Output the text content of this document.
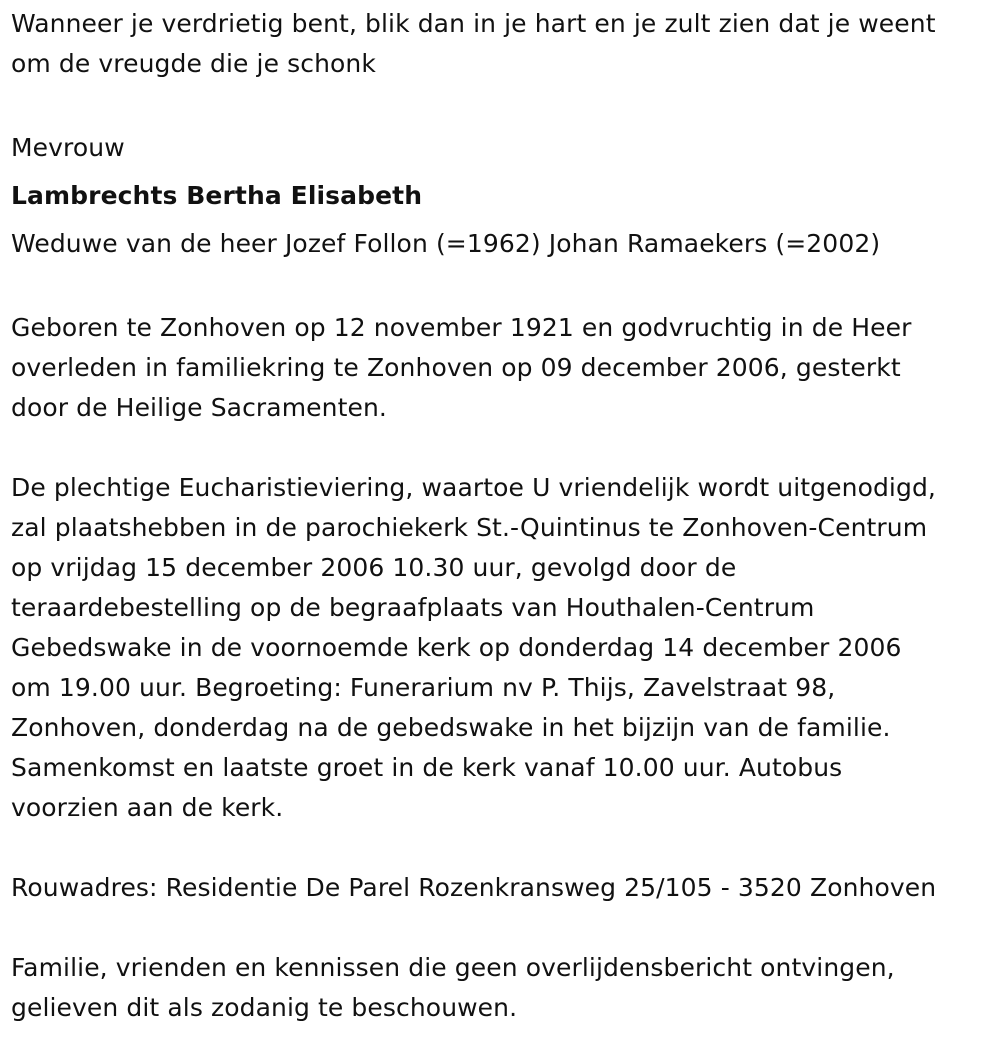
Wanneer je verdrietig bent, blik dan in je hart en je zult zien dat je weent
om de vreugde die je schonk
Mevrouw
Lambrechts Bertha Elisabeth
Weduwe van de heer Jozef Follon (=1962) Johan Ramaekers (=2002)
Geboren te Zonhoven op 12 november 1921 en godvruchtig in de Heer
overleden in familiekring te Zonhoven op 09 december 2006, gesterkt
door de Heilige Sacramenten.
De plechtige Eucharistieviering, waartoe U vriendelijk wordt uitgenodigd,
zal plaatshebben in de parochiekerk St.-Quintinus te Zonhoven-Centrum
op vrijdag 15 december 2006 10.30 uur, gevolgd door de
teraardebestelling op de begraafplaats van Houthalen-Centrum
Gebedswake in de voornoemde kerk op donderdag 14 december 2006
om 19.00 uur. Begroeting: Funerarium nv P. Thijs, Zavelstraat 98,
Zonhoven, donderdag na de gebedswake in het bijzijn van de familie.
Samenkomst en laatste groet in de kerk vanaf 10.00 uur. Autobus
voorzien aan de kerk.
Rouwadres: Residentie De Parel Rozenkransweg 25/105 - 3520 Zonhoven
Familie, vrienden en kennissen die geen overlijdensbericht ontvingen,
gelieven dit als zodanig te beschouwen.
